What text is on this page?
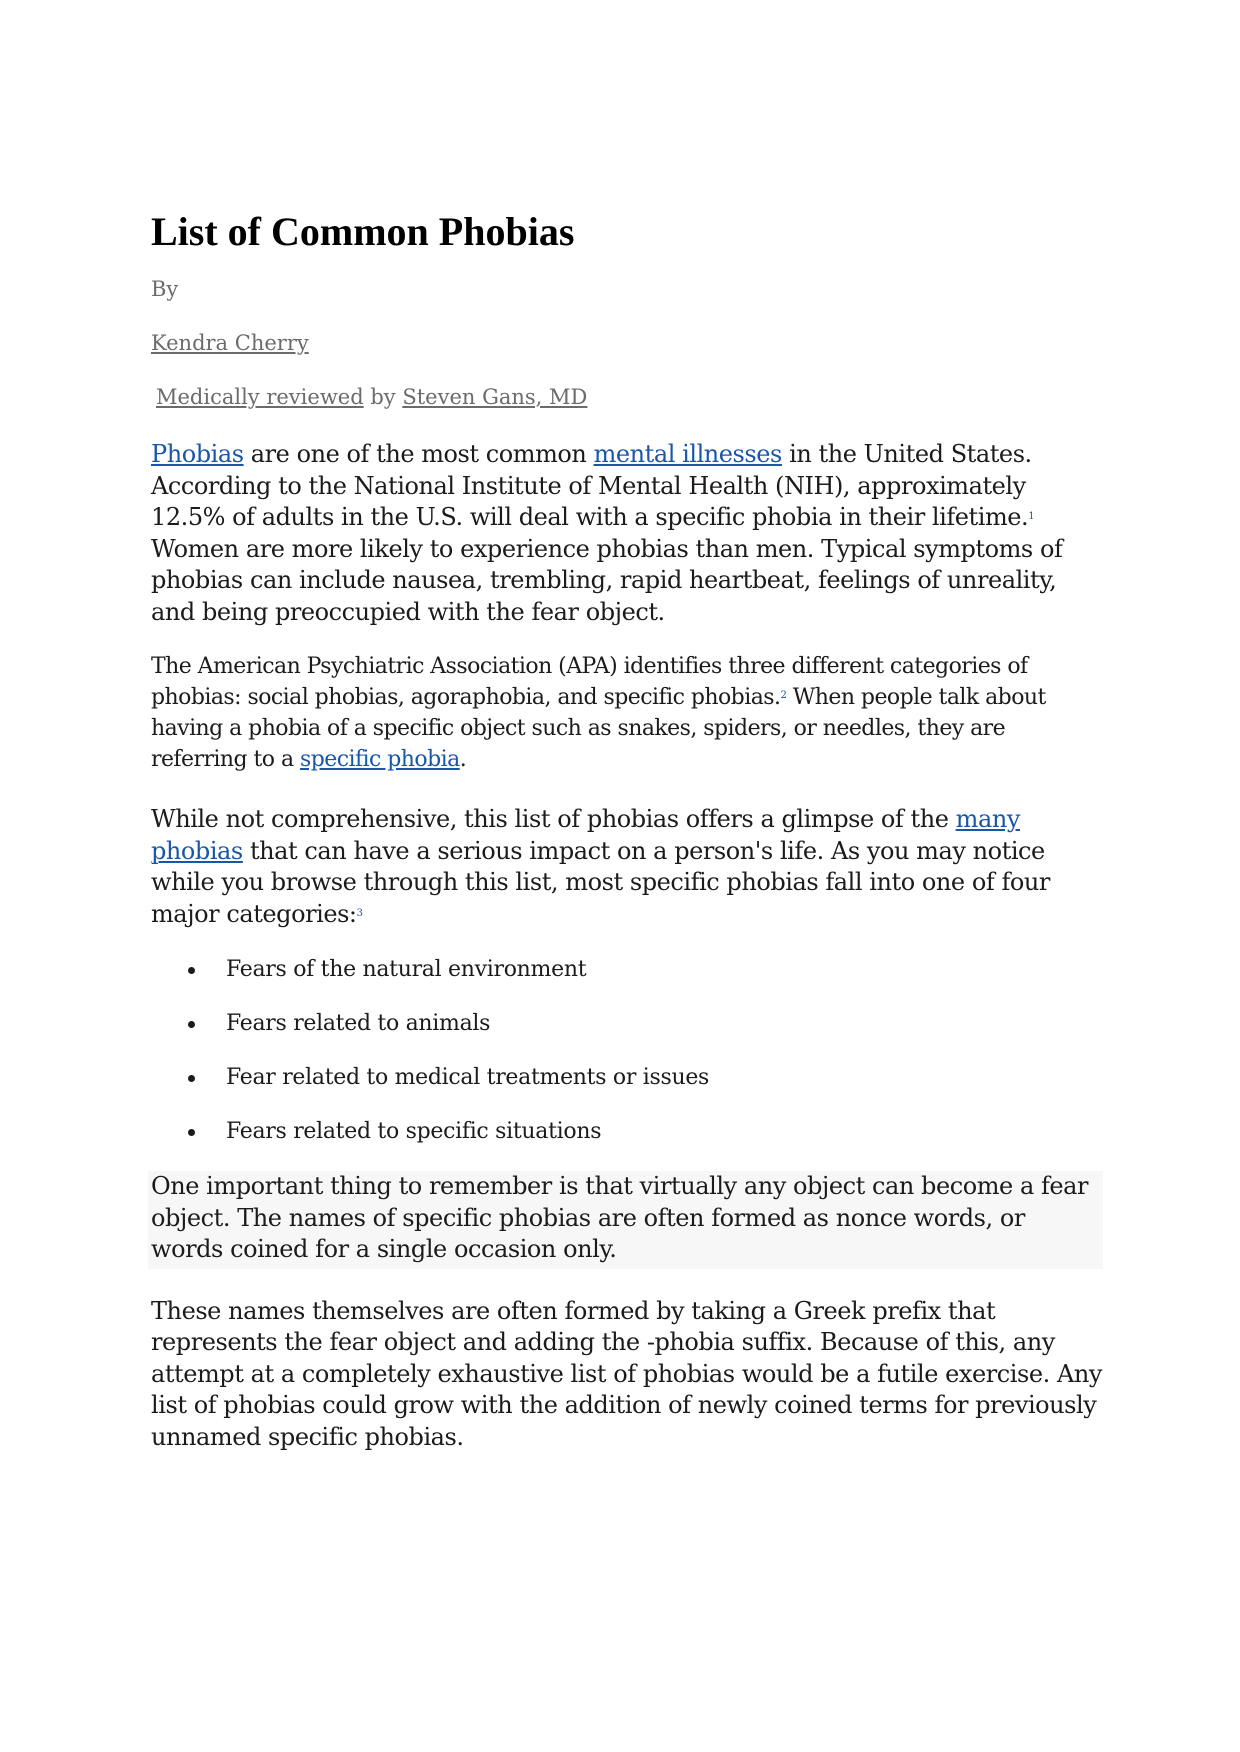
List of Common Phobias
By
Kendra Cherry
Medically reviewed by Steven Gans, MD

Phobias are one of the most common mental illnesses in the United States. According to the National Institute of Mental Health (NIH), approximately 12.5% of adults in the U.S. will deal with a specific phobia in their lifetime.$^1$ Women are more likely to experience phobias than men. Typical symptoms of phobias can include nausea, trembling, rapid heartbeat, feelings of unreality, and being preoccupied with the fear object.

The American Psychiatric Association (APA) identifies three different categories of phobias: social phobias, agoraphobia, and specific phobias.$^2$ When people talk about having a phobia of a specific object such as snakes, spiders, or needles, they are referring to a specific phobia.

While not comprehensive, this list of phobias offers a glimpse of the many phobias that can have a serious impact on a person's life. As you may notice while you browse through this list, most specific phobias fall into one of four major categories:$^3$

Fears of the natural environment
Fears related to animals
Fear related to medical treatments or issues
Fears related to specific situations

One important thing to remember is that virtually any object can become a fear object. The names of specific phobias are often formed as nonce words, or words coined for a single occasion only.

These names themselves are often formed by taking a Greek prefix that represents the fear object and adding the -phobia suffix. Because of this, any attempt at a completely exhaustive list of phobias would be a futile exercise. Any list of phobias could grow with the addition of newly coined terms for previously unnamed specific phobias.
